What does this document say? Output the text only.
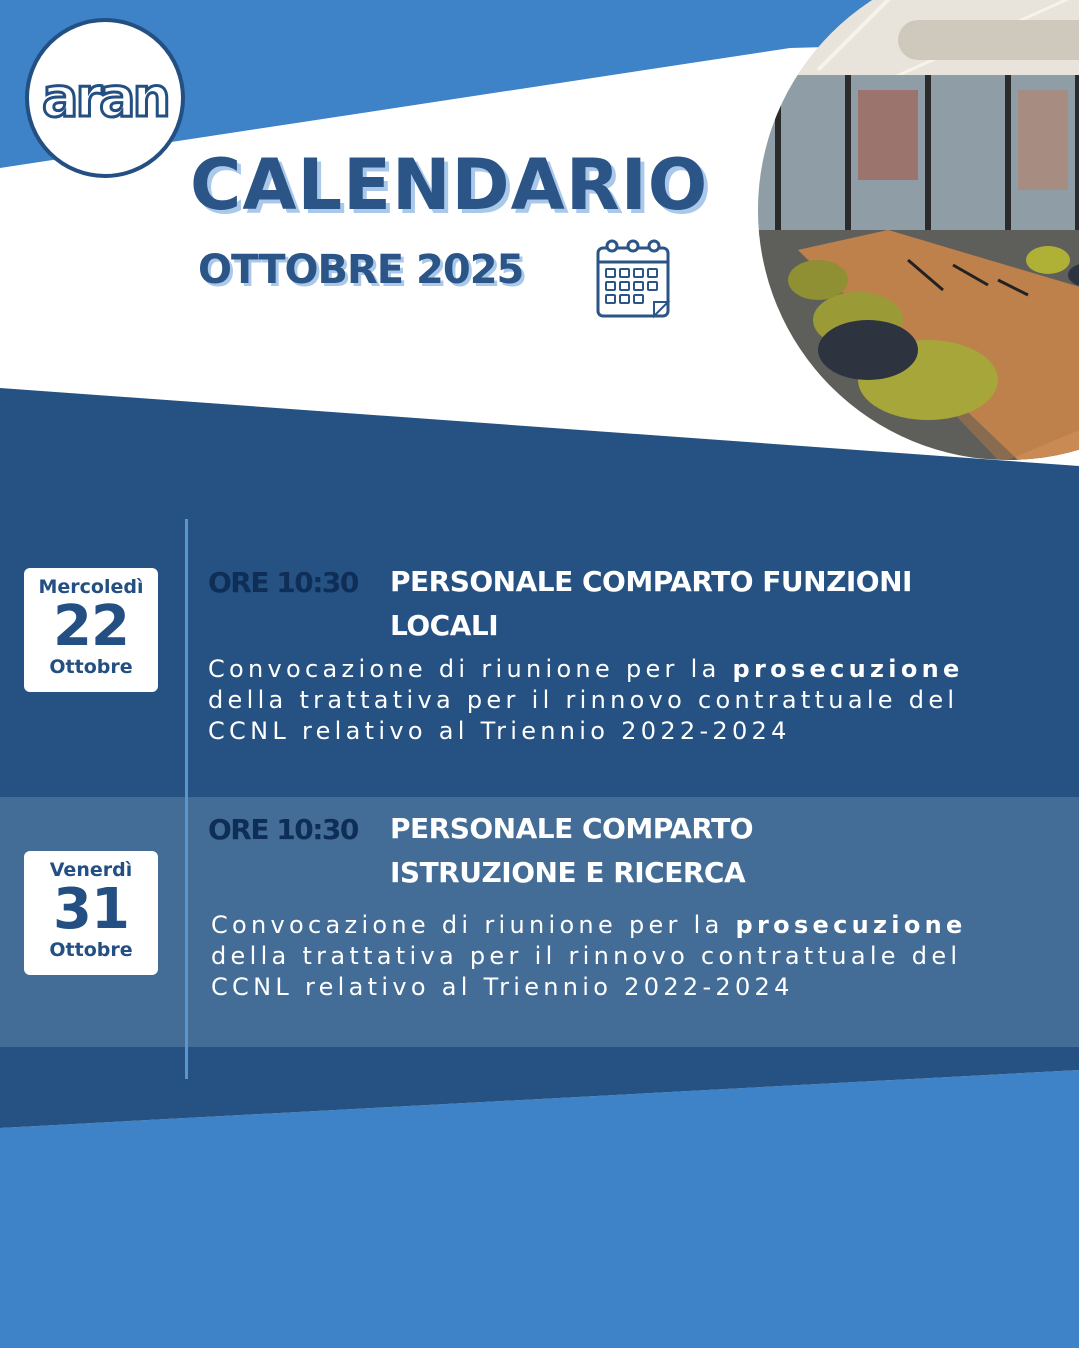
aran
CALENDARIO
OTTOBRE 2025
Venerdì
31
Ottobre
ORE 10:30 PERSONALE COMPARTO
ISTRUZIONE E RICERCA
Convocazione di riunione per la prosecuzione
della trattativa per il rinnovo contrattuale del
CCNL relativo al Triennio 2022-2024
Mercoledì
22
Ottobre
ORE 10:30 PERSONALE COMPARTO FUNZIONI
LOCALI
Convocazione di riunione per la prosecuzione
della trattativa per il rinnovo contrattuale del
CCNL relativo al Triennio 2022-2024
